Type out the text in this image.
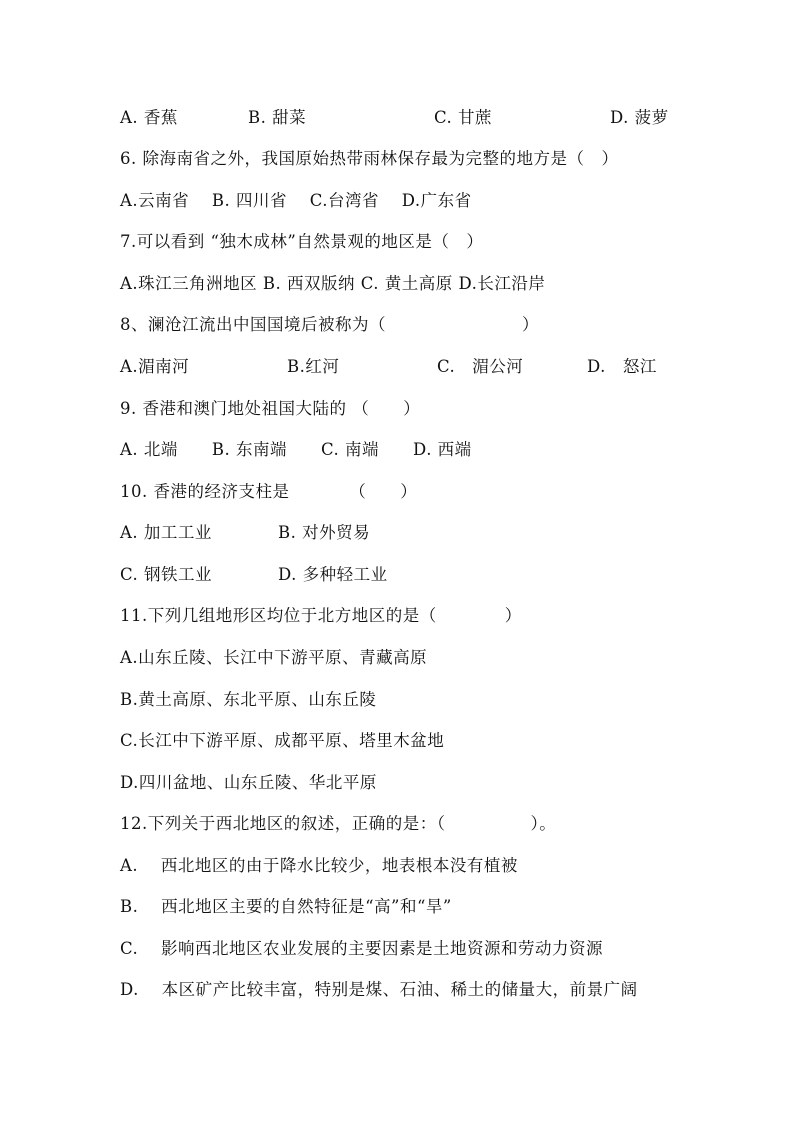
A. 香蕉	B. 甜菜	C. 甘蔗	D. 菠萝
6. 除海南省之外，我国原始热带雨林保存最为完整的地方是（　）
A.云南省　 B. 四川省　 C.台湾省　 D.广东省
7.可以看到 “独木成林”自然景观的地区是（　）
A.珠江三角洲地区 B. 西双版纳 C. 黄土高原 D.长江沿岸
8、澜沧江流出中国国境后被称为（　　　　　　　　）
A.湄南河	B.红河	C.　湄公河	D.　怒江
9. 香港和澳门地处祖国大陆的 （　　）
A. 北端　　B. 东南端　　C. 南端　　D. 西端
10. 香港的经济支柱是　　　　（　　）
A. 加工工业	B. 对外贸易
C. 钢铁工业	D. 多种轻工业
11.下列几组地形区均位于北方地区的是（　　　　）
A.山东丘陵、长江中下游平原、青藏高原
B.黄土高原、东北平原、山东丘陵
C.长江中下游平原、成都平原、塔里木盆地
D.四川盆地、山东丘陵、华北平原
12.下列关于西北地区的叙述，正确的是：（　　　　　）。
A.　 西北地区的由于降水比较少，地表根本没有植被
B.　 西北地区主要的自然特征是“高”和“旱”
C.　 影响西北地区农业发展的主要因素是土地资源和劳动力资源
D.　 本区矿产比较丰富，特别是煤、石油、稀土的储量大，前景广阔
